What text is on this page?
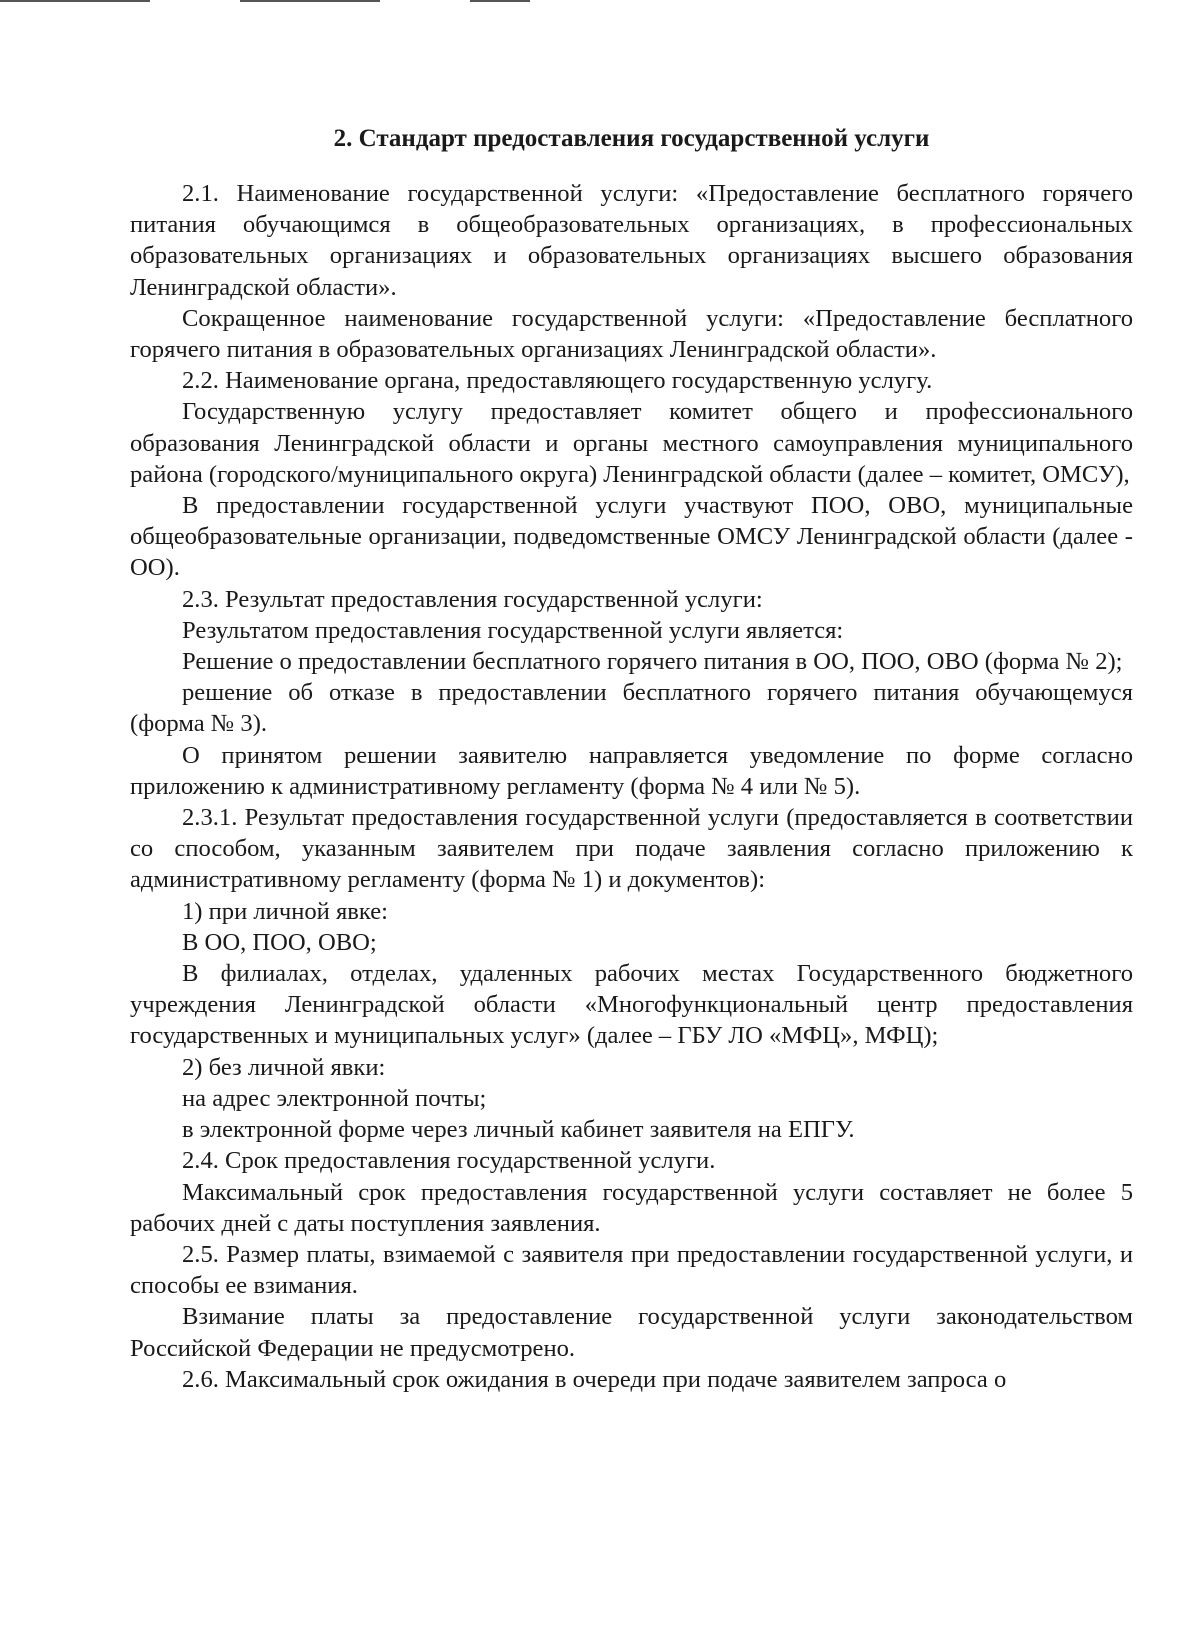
2. Стандарт предоставления государственной услуги

2.1. Наименование государственной услуги: «Предоставление бесплатного горячего питания обучающимся в общеобразовательных организациях, в профессиональных образовательных организациях и образовательных организациях высшего образования Ленинградской области».

Сокращенное наименование государственной услуги: «Предоставление бесплатного горячего питания в образовательных организациях Ленинградской области».

2.2. Наименование органа, предоставляющего государственную услугу.

Государственную услугу предоставляет комитет общего и профессионального образования Ленинградской области и органы местного самоуправления муниципального района (городского/муниципального округа) Ленинградской области (далее – комитет, ОМСУ),

В предоставлении государственной услуги участвуют ПОО, ОВО, муниципальные общеобразовательные организации, подведомственные ОМСУ Ленинградской области (далее - ОО).

2.3. Результат предоставления государственной услуги:

Результатом предоставления государственной услуги является:

Решение о предоставлении бесплатного горячего питания в ОО, ПОО, ОВО (форма № 2);

решение об отказе в предоставлении бесплатного горячего питания обучающемуся (форма № 3).

О принятом решении заявителю направляется уведомление по форме согласно приложению к административному регламенту (форма № 4 или № 5).

2.3.1. Результат предоставления государственной услуги (предоставляется в соответствии со способом, указанным заявителем при подаче заявления согласно приложению к административному регламенту (форма № 1) и документов):

1) при личной явке:

В ОО, ПОО, ОВО;

В филиалах, отделах, удаленных рабочих местах Государственного бюджетного учреждения Ленинградской области «Многофункциональный центр предоставления государственных и муниципальных услуг» (далее – ГБУ ЛО «МФЦ», МФЦ);

2) без личной явки:

на адрес электронной почты;

в электронной форме через личный кабинет заявителя на ЕПГУ.

2.4. Срок предоставления государственной услуги.

Максимальный срок предоставления государственной услуги составляет не более 5 рабочих дней с даты поступления заявления.

2.5. Размер платы, взимаемой с заявителя при предоставлении государственной услуги, и способы ее взимания.

Взимание платы за предоставление государственной услуги законодательством Российской Федерации не предусмотрено.

2.6. Максимальный срок ожидания в очереди при подаче заявителем запроса о
